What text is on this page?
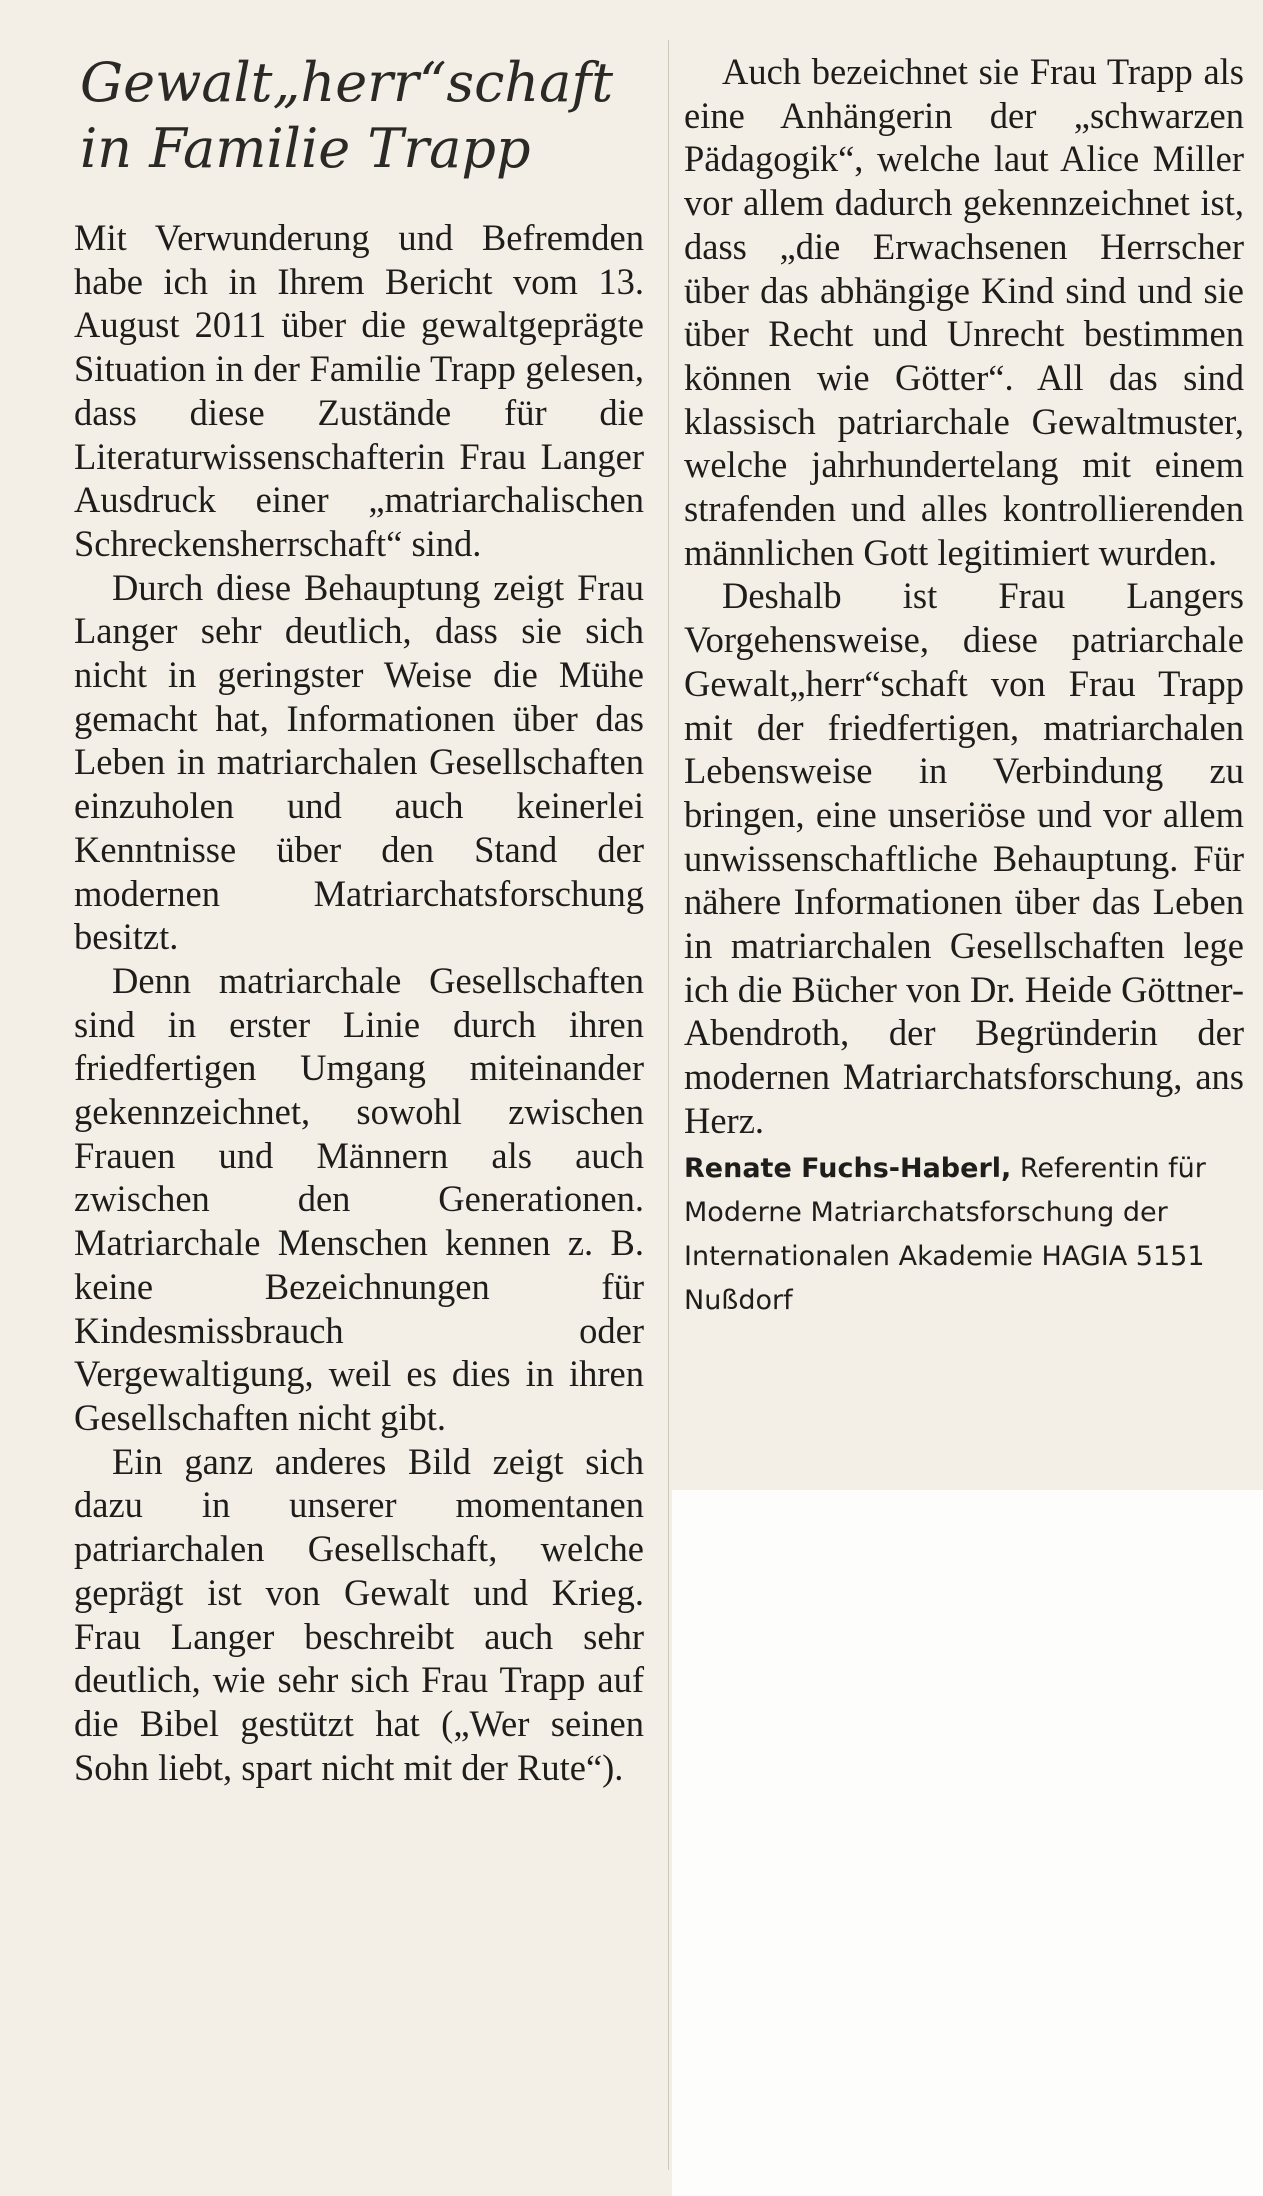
Gewalt„herr“schaft in Familie Trapp

Mit Verwunderung und Befremden habe ich in Ihrem Bericht vom 13. August 2011 über die gewaltgeprägte Situation in der Familie Trapp gelesen, dass diese Zustände für die Literaturwissenschafterin Frau Langer Ausdruck einer „matriarchalischen Schreckensherrschaft“ sind.

Durch diese Behauptung zeigt Frau Langer sehr deutlich, dass sie sich nicht in geringster Weise die Mühe gemacht hat, Informationen über das Leben in matriarchalen Gesellschaften einzuholen und auch keinerlei Kenntnisse über den Stand der modernen Matriarchatsforschung besitzt.

Denn matriarchale Gesellschaften sind in erster Linie durch ihren friedfertigen Umgang miteinander gekennzeichnet, sowohl zwischen Frauen und Männern als auch zwischen den Generationen. Matriarchale Menschen kennen z. B. keine Bezeichnungen für Kindesmissbrauch oder Vergewaltigung, weil es dies in ihren Gesellschaften nicht gibt.

Ein ganz anderes Bild zeigt sich dazu in unserer momentanen patriarchalen Gesellschaft, welche geprägt ist von Gewalt und Krieg. Frau Langer beschreibt auch sehr deutlich, wie sehr sich Frau Trapp auf die Bibel gestützt hat („Wer seinen Sohn liebt, spart nicht mit der Rute“).

Auch bezeichnet sie Frau Trapp als eine Anhängerin der „schwarzen Pädagogik“, welche laut Alice Miller vor allem dadurch gekennzeichnet ist, dass „die Erwachsenen Herrscher über das abhängige Kind sind und sie über Recht und Unrecht bestimmen können wie Götter“. All das sind klassisch patriarchale Gewaltmuster, welche jahrhundertelang mit einem strafenden und alles kontrollierenden männlichen Gott legitimiert wurden.

Deshalb ist Frau Langers Vorgehensweise, diese patriarchale Gewalt„herr“schaft von Frau Trapp mit der friedfertigen, matriarchalen Lebensweise in Verbindung zu bringen, eine unseriöse und vor allem unwissenschaftliche Behauptung. Für nähere Informationen über das Leben in matriarchalen Gesellschaften lege ich die Bücher von Dr. Heide Göttner-Abendroth, der Begründerin der modernen Matriarchatsforschung, ans Herz.

Renate Fuchs-Haberl, Referentin für Moderne Matriarchatsforschung der Internationalen Akademie HAGIA 5151 Nußdorf
